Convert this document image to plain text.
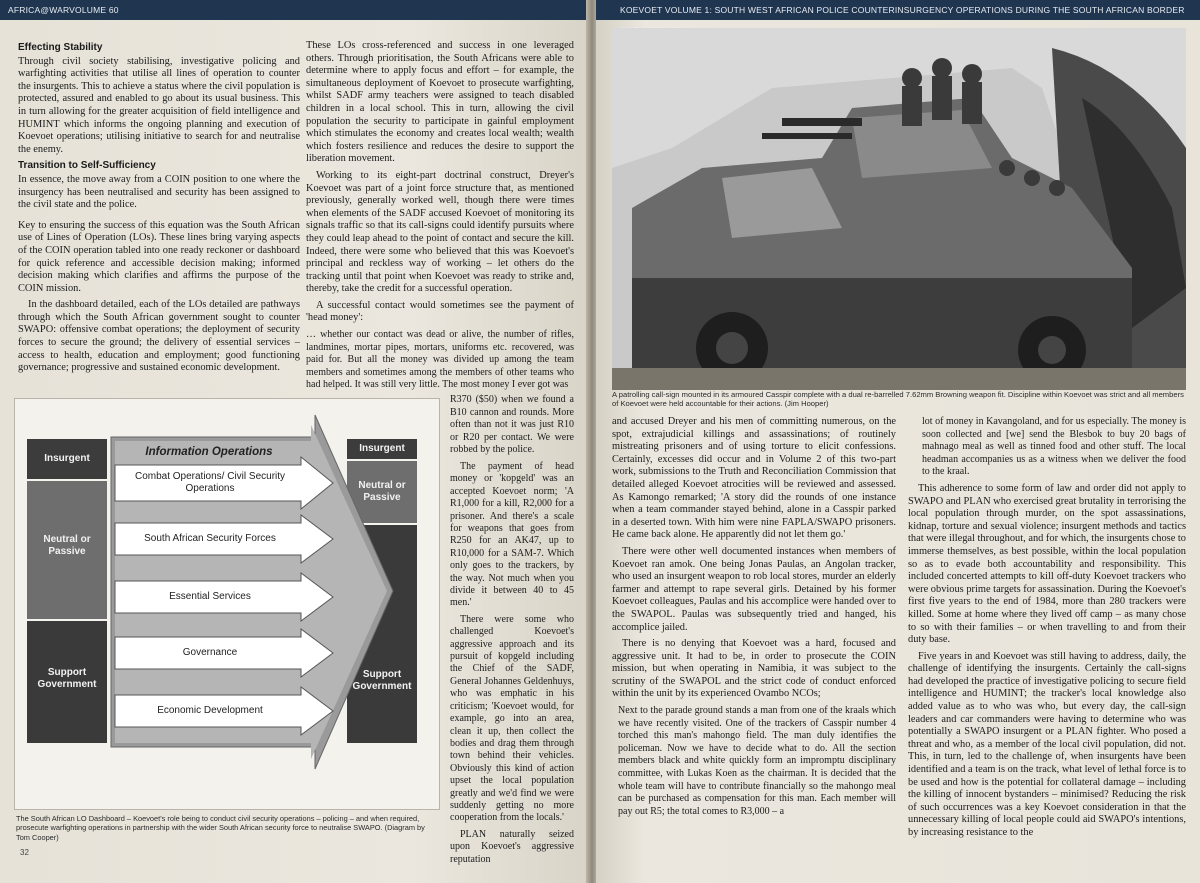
AFRICA@WARVOLUME 60
Effecting Stability

Through civil society stabilising, investigative policing and warfighting activities that utilise all lines of operation to counter the insurgents. This to achieve a status where the civil population is protected, assured and enabled to go about its usual business. This in turn allowing for the greater acquisition of field intelligence and HUMINT which informs the ongoing planning and execution of Koevoet operations; utilising initiative to search for and neutralise the enemy.

Transition to Self-Sufficiency

In essence, the move away from a COIN position to one where the insurgency has been neutralised and security has been assigned to the civil state and the police.

Key to ensuring the success of this equation was the South African use of Lines of Operation (LOs). These lines bring varying aspects of the COIN operation tabled into one ready reckoner or dashboard for quick reference and accessible decision making; informed decision making which clarifies and affirms the purpose of the COIN mission.

In the dashboard detailed, each of the LOs detailed are pathways through which the South African government sought to counter SWAPO: offensive combat operations; the deployment of security forces to secure the ground; the delivery of essential services – access to health, education and employment; good functioning governance; progressive and sustained economic development.

These LOs cross-referenced and success in one leveraged others. Through prioritisation, the South Africans were able to determine where to apply focus and effort – for example, the simultaneous deployment of Koevoet to prosecute warfighting, whilst SADF army teachers were assigned to teach disabled children in a local school. This in turn, allowing the civil population the security to participate in gainful employment which stimulates the economy and creates local wealth; wealth which fosters resilience and reduces the desire to support the liberation movement.

Working to its eight-part doctrinal construct, Dreyer's Koevoet was part of a joint force structure that, as mentioned previously, generally worked well, though there were times when elements of the SADF accused Koevoet of monitoring its signals traffic so that its call-signs could identify pursuits where they could leap ahead to the point of contact and secure the kill. Indeed, there were some who believed that this was Koevoet's principal and reckless way of working – let others do the tracking until that point when Koevoet was ready to strike and, thereby, take the credit for a successful operation.

A successful contact would sometimes see the payment of 'head money':

… whether our contact was dead or alive, the number of rifles, landmines, mortar pipes, mortars, uniforms etc. recovered, was paid for. But all the money was divided up among the team members and sometimes among the members of other teams who had helped. It was still very little. The most money I ever got was

R370 ($50) when we found a B10 cannon and rounds. More often than not it was just R10 or R20 per contact. We were robbed by the police.

The payment of head money or 'kopgeld' was an accepted Koevoet norm; 'A R1,000 for a kill, R2,000 for a prisoner. And there's a scale for weapons that goes from R250 for an AK47, up to R10,000 for a SAM-7. Which only goes to the trackers, by the way. Not much when you divide it between 40 to 45 men.'

There were some who challenged Koevoet's aggressive approach and its pursuit of kopgeld including the Chief of the SADF, General Johannes Geldenhuys, who was emphatic in his criticism; 'Koevoet would, for example, go into an area, clean it up, then collect the bodies and drag them through town behind their vehicles. Obviously this kind of action upset the local population greatly and we'd find we were suddenly getting no more cooperation from the locals.'

PLAN naturally seized upon Koevoet's aggressive reputation

Insurgent
Neutral or Passive
Support Government
Insurgent
Neutral or Passive
Support Government
Information Operations
Combat Operations/ Civil Security Operations
South African Security Forces
Essential Services
Governance
Economic Development
The South African LO Dashboard – Koevoet's role being to conduct civil security operations – policing – and when required, prosecute warfighting operations in partnership with the wider South African security force to neutralise SWAPO. (Diagram by Tom Cooper)
32
KOEVOET VOLUME 1: SOUTH WEST AFRICAN POLICE COUNTERINSURGENCY OPERATIONS DURING THE SOUTH AFRICAN BORDER
A patrolling call-sign mounted in its armoured Casspir complete with a dual re-barrelled 7.62mm Browning weapon fit. Discipline within Koevoet was strict and all members of Koevoet were held accountable for their actions. (Jim Hooper)

and accused Dreyer and his men of committing numerous, on the spot, extrajudicial killings and assassinations; of routinely mistreating prisoners and of using torture to elicit confessions. Certainly, excesses did occur and in Volume 2 of this two-part work, submissions to the Truth and Reconciliation Commission that detailed alleged Koevoet atrocities will be reviewed and assessed. As Kamongo remarked; 'A story did the rounds of one instance when a team commander stayed behind, alone in a Casspir parked in a deserted town. With him were nine FAPLA/SWAPO prisoners. He came back alone. He apparently did not let them go.'

There were other well documented instances when members of Koevoet ran amok. One being Jonas Paulas, an Angolan tracker, who used an insurgent weapon to rob local stores, murder an elderly farmer and attempt to rape several girls. Detained by his former Koevoet colleagues, Paulas and his accomplice were handed over to the SWAPOL. Paulas was subsequently tried and hanged, his accomplice jailed.

There is no denying that Koevoet was a hard, focused and aggressive unit. It had to be, in order to prosecute the COIN mission, but when operating in Namibia, it was subject to the scrutiny of the SWAPOL and the strict code of conduct enforced within the unit by its experienced Ovambo NCOs;

Next to the parade ground stands a man from one of the kraals which we have recently visited. One of the trackers of Casspir number 4 torched this man's mahongo field. The man duly identifies the policeman. Now we have to decide what to do. All the section members black and white quickly form an impromptu disciplinary committee, with Lukas Koen as the chairman. It is decided that the whole team will have to contribute financially so the mahongo meal can be purchased as compensation for this man. Each member will pay out R5; the total comes to R3,000 – a

lot of money in Kavangoland, and for us especially. The money is soon collected and [we] send the Blesbok to buy 20 bags of mahnago meal as well as tinned food and other stuff. The local headman accompanies us as a witness when we deliver the food to the kraal.

This adherence to some form of law and order did not apply to SWAPO and PLAN who exercised great brutality in terrorising the local population through murder, on the spot assassinations, kidnap, torture and sexual violence; insurgent methods and tactics that were illegal throughout, and for which, the insurgents chose to immerse themselves, as best possible, within the local population so as to evade both accountability and responsibility. This included concerted attempts to kill off-duty Koevoet trackers who were obvious prime targets for assassination. During the Koevoet's first five years to the end of 1984, more than 280 trackers were killed. Some at home where they lived off camp – as many chose to so with their families – or when travelling to and from their duty base.

Five years in and Koevoet was still having to address, daily, the challenge of identifying the insurgents. Certainly the call-signs had developed the practice of investigative policing to secure field intelligence and HUMINT; the tracker's local knowledge also added value as to who was who, but every day, the call-sign leaders and car commanders were having to determine who was potentially a SWAPO insurgent or a PLAN fighter. Who posed a threat and who, as a member of the local civil population, did not. This, in turn, led to the challenge of, when insurgents have been identified and a team is on the track, what level of lethal force is to be used and how is the potential for collateral damage – including the killing of innocent bystanders – minimised? Reducing the risk of such occurrences was a key Koevoet consideration in that the unnecessary killing of local people could aid SWAPO's intentions, by increasing resistance to the
